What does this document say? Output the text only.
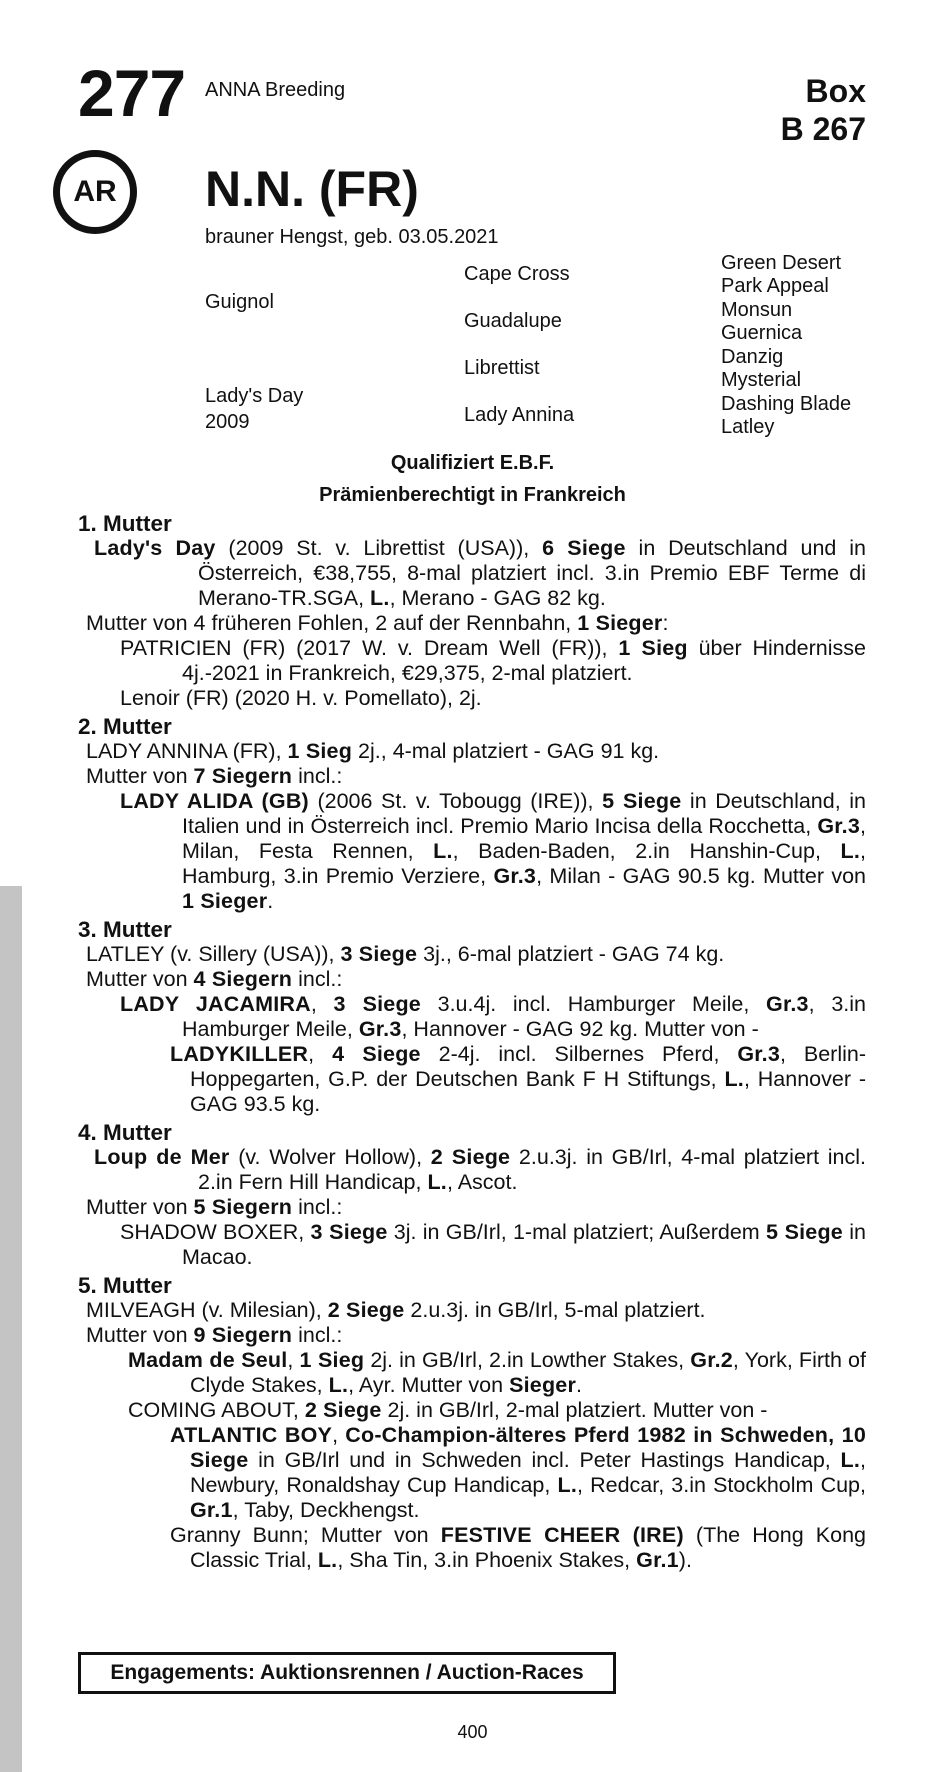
277 ANNA Breeding	Box
B 267
AR	N.N. (FR)
brauner Hengst, geb. 03.05.2021
Guignol
Lady's Day
2009
Cape Cross
Guadalupe
Librettist
Lady Annina
Green Desert
Park Appeal
Monsun
Guernica
Danzig
Mysterial
Dashing Blade
Latley
Qualifiziert E.B.F.
Prämienberechtigt in Frankreich
1. Mutter
Lady's Day (2009 St. v. Librettist (USA)), 6 Siege in Deutschland und in Österreich, €38,755, 8-mal platziert incl. 3.in Premio EBF Terme di Merano-TR.SGA, L., Merano - GAG 82 kg.
Mutter von 4 früheren Fohlen, 2 auf der Rennbahn, 1 Sieger:
PATRICIEN (FR) (2017 W. v. Dream Well (FR)), 1 Sieg über Hindernisse 4j.-2021 in Frankreich, €29,375, 2-mal platziert.
Lenoir (FR) (2020 H. v. Pomellato), 2j.
2. Mutter
LADY ANNINA (FR), 1 Sieg 2j., 4-mal platziert - GAG 91 kg.
Mutter von 7 Siegern incl.:
LADY ALIDA (GB) (2006 St. v. Tobougg (IRE)), 5 Siege in Deutschland, in Italien und in Österreich incl. Premio Mario Incisa della Rocchetta, Gr.3, Milan, Festa Rennen, L., Baden-Baden, 2.in Hanshin-Cup, L., Hamburg, 3.in Premio Verziere, Gr.3, Milan - GAG 90.5 kg. Mutter von 1 Sieger.
3. Mutter
LATLEY (v. Sillery (USA)), 3 Siege 3j., 6-mal platziert - GAG 74 kg.
Mutter von 4 Siegern incl.:
LADY JACAMIRA, 3 Siege 3.u.4j. incl. Hamburger Meile, Gr.3, 3.in Hamburger Meile, Gr.3, Hannover - GAG 92 kg. Mutter von -
LADYKILLER, 4 Siege 2-4j. incl. Silbernes Pferd, Gr.3, Berlin-Hoppegarten, G.P. der Deutschen Bank F H Stiftungs, L., Hannover - GAG 93.5 kg.
4. Mutter
Loup de Mer (v. Wolver Hollow), 2 Siege 2.u.3j. in GB/Irl, 4-mal platziert incl. 2.in Fern Hill Handicap, L., Ascot.
Mutter von 5 Siegern incl.:
SHADOW BOXER, 3 Siege 3j. in GB/Irl, 1-mal platziert; Außerdem 5 Siege in Macao.
5. Mutter
MILVEAGH (v. Milesian), 2 Siege 2.u.3j. in GB/Irl, 5-mal platziert.
Mutter von 9 Siegern incl.:
Madam de Seul, 1 Sieg 2j. in GB/Irl, 2.in Lowther Stakes, Gr.2, York, Firth of Clyde Stakes, L., Ayr. Mutter von Sieger.
COMING ABOUT, 2 Siege 2j. in GB/Irl, 2-mal platziert. Mutter von -
ATLANTIC BOY, Co-Champion-älteres Pferd 1982 in Schweden, 10 Siege in GB/Irl und in Schweden incl. Peter Hastings Handicap, L., Newbury, Ronaldshay Cup Handicap, L., Redcar, 3.in Stockholm Cup, Gr.1, Taby, Deckhengst.
Granny Bunn; Mutter von FESTIVE CHEER (IRE) (The Hong Kong Classic Trial, L., Sha Tin, 3.in Phoenix Stakes, Gr.1).
Engagements: Auktionsrennen / Auction-Races
400
